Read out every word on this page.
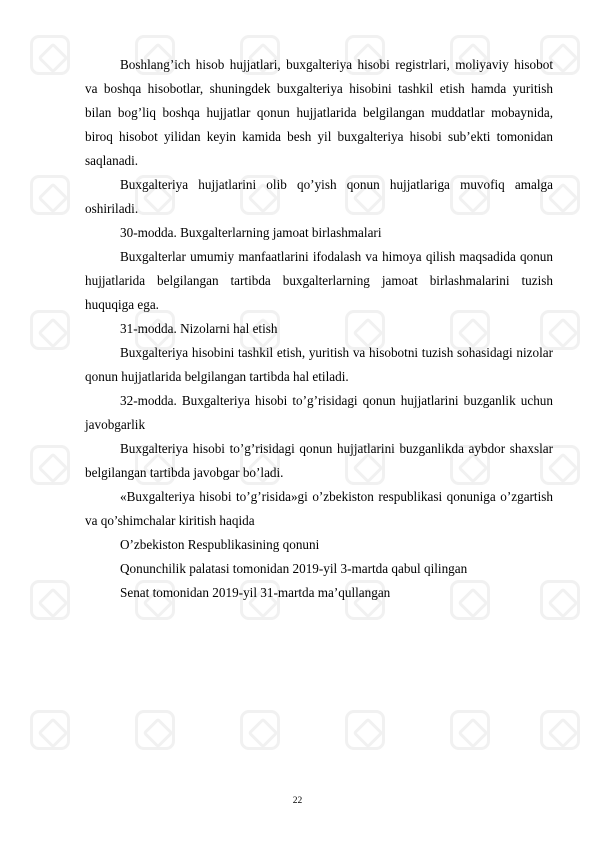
Boshlang’ich hisob hujjatlari, buxgalteriya hisobi registrlari, moliyaviy hisobot va boshqa hisobotlar, shuningdek buxgalteriya hisobini tashkil etish hamda yuritish bilan bog’liq boshqa hujjatlar qonun hujjatlarida belgilangan muddatlar mobaynida, biroq hisobot yilidan keyin kamida besh yil buxgalteriya hisobi sub’ekti tomonidan saqlanadi.

Buxgalteriya hujjatlarini olib qo’yish qonun hujjatlariga muvofiq amalga oshiriladi.

30-modda. Buxgalterlarning jamoat birlashmalari

Buxgalterlar umumiy manfaatlarini ifodalash va himoya qilish maqsadida qonun hujjatlarida belgilangan tartibda buxgalterlarning jamoat birlashmalarini tuzish huquqiga ega.

31-modda. Nizolarni hal etish

Buxgalteriya hisobini tashkil etish, yuritish va hisobotni tuzish sohasidagi nizolar qonun hujjatlarida belgilangan tartibda hal etiladi.

32-modda. Buxgalteriya hisobi to’g’risidagi qonun hujjatlarini buzganlik uchun javobgarlik

Buxgalteriya hisobi to’g’risidagi qonun hujjatlarini buzganlikda aybdor shaxslar belgilangan tartibda javobgar bo’ladi.

«Buxgalteriya hisobi to’g’risida»gi o’zbekiston respublikasi qonuniga o’zgartish va qo’shimchalar kiritish haqida

O’zbekiston Respublikasining qonuni

Qonunchilik palatasi tomonidan 2019-yil 3-martda qabul qilingan

Senat tomonidan 2019-yil 31-martda ma’qullangan

22
